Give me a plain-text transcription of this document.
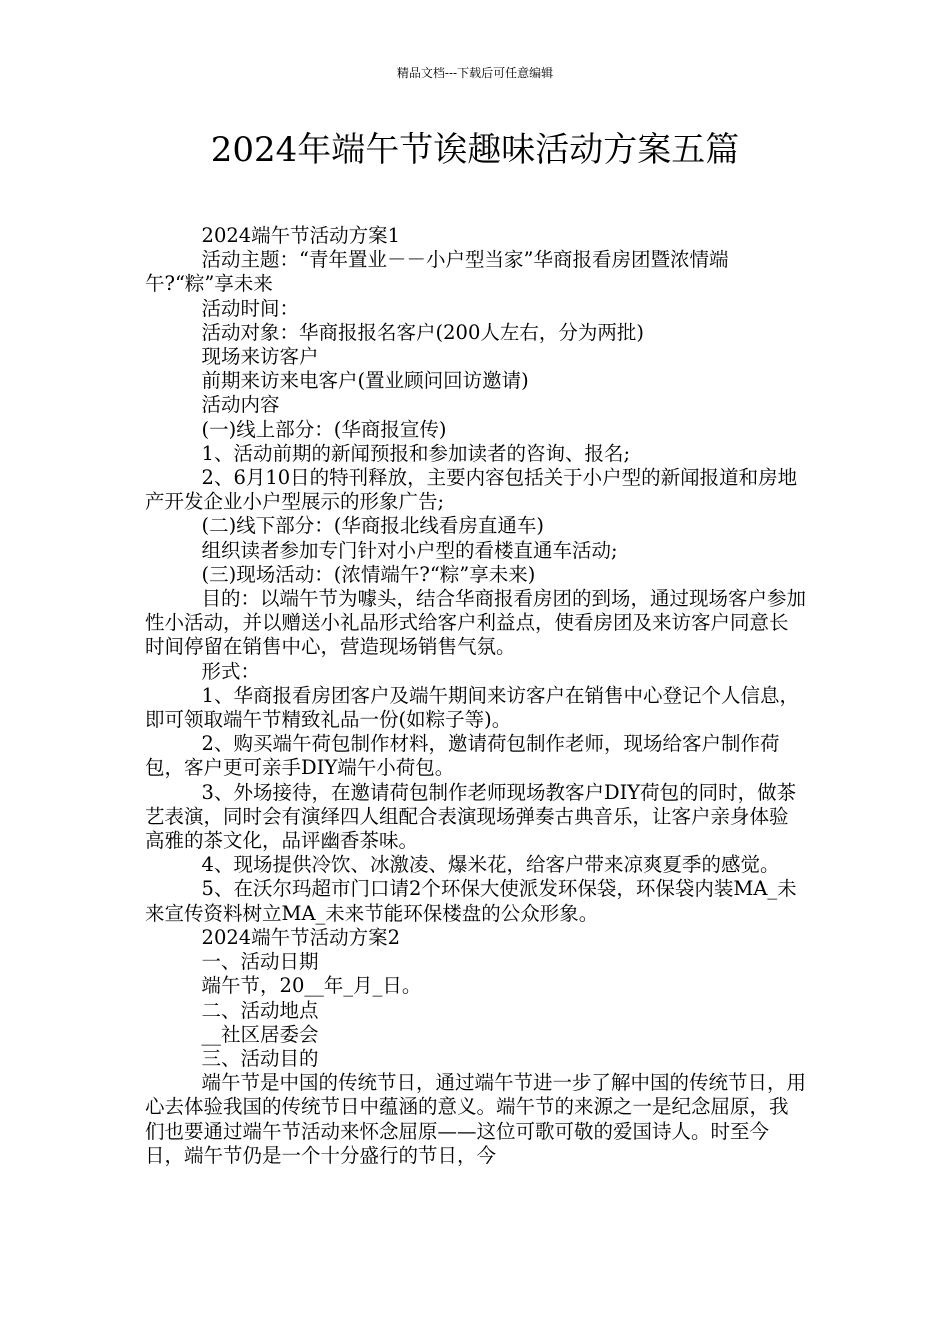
精品文档---下载后可任意编辑
2024年端午节诶趣味活动方案五篇

2024端午节活动方案1

活动主题：“青年置业－－小户型当家”华商报看房团暨浓情端午?“粽”享未来

活动时间：

活动对象：华商报报名客户(200人左右，分为两批)

现场来访客户

前期来访来电客户(置业顾问回访邀请)

活动内容

(一)线上部分：(华商报宣传)

1、活动前期的新闻预报和参加读者的咨询、报名;

2、6月10日的特刊释放，主要内容包括关于小户型的新闻报道和房地产开发企业小户型展示的形象广告;

(二)线下部分：(华商报北线看房直通车)

组织读者参加专门针对小户型的看楼直通车活动;

(三)现场活动：(浓情端午?“粽”享未来)

目的：以端午节为噱头，结合华商报看房团的到场，通过现场客户参加性小活动，并以赠送小礼品形式给客户利益点，使看房团及来访客户同意长时间停留在销售中心，营造现场销售气氛。

形式：

1、华商报看房团客户及端午期间来访客户在销售中心登记个人信息，即可领取端午节精致礼品一份(如粽子等)。

2、购买端午荷包制作材料，邀请荷包制作老师，现场给客户制作荷包，客户更可亲手DIY端午小荷包。

3、外场接待，在邀请荷包制作老师现场教客户DIY荷包的同时，做茶艺表演，同时会有演绎四人组配合表演现场弹奏古典音乐，让客户亲身体验高雅的茶文化，品评幽香茶味。

4、现场提供冷饮、冰激凌、爆米花，给客户带来凉爽夏季的感觉。

5、在沃尔玛超市门口请2个环保大使派发环保袋，环保袋内装MA_未来宣传资料树立MA_未来节能环保楼盘的公众形象。

2024端午节活动方案2

一、活动日期

端午节，20__年_月_日。

二、活动地点

__社区居委会

三、活动目的

端午节是中国的传统节日，通过端午节进一步了解中国的传统节日，用心去体验我国的传统节日中蕴涵的意义。端午节的来源之一是纪念屈原，我们也要通过端午节活动来怀念屈原——这位可歌可敬的爱国诗人。时至今日，端午节仍是一个十分盛行的节日，今
